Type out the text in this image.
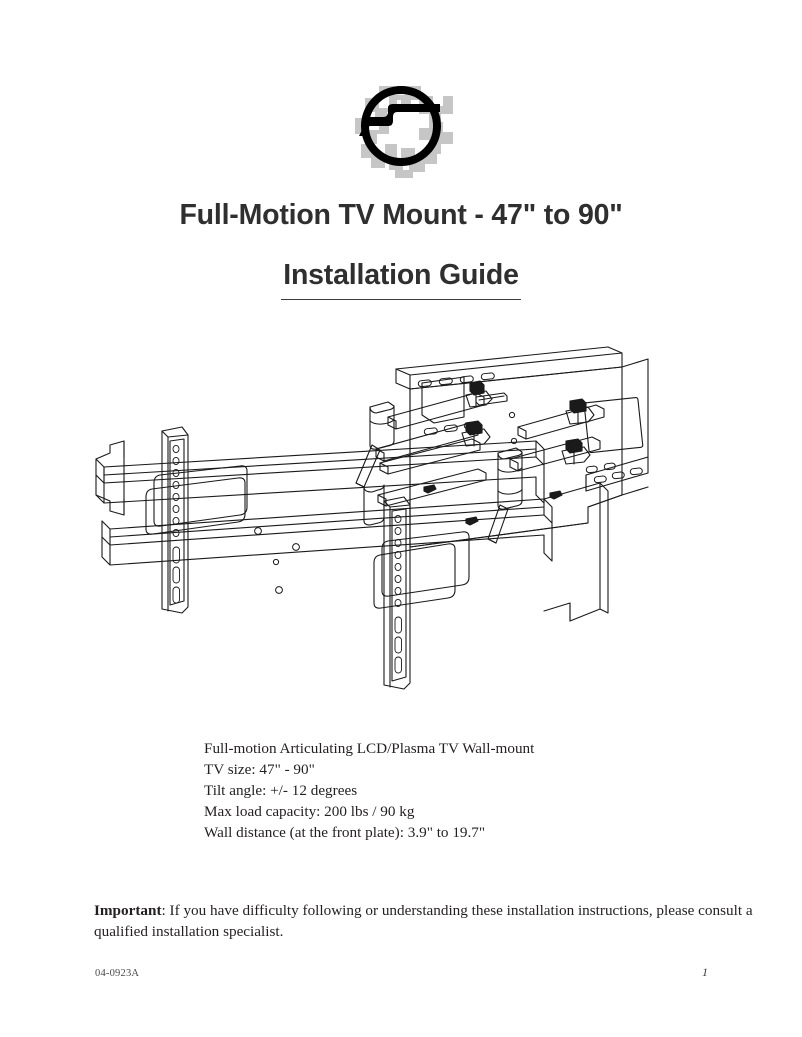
Full-Motion TV Mount - 47" to 90"
Installation Guide
Full-motion Articulating LCD/Plasma TV Wall-mount
TV size: 47" - 90"
Tilt angle: +/- 12 degrees
Max load capacity: 200 lbs / 90 kg
Wall distance (at the front plate): 3.9" to 19.7"
Important: If you have difficulty following or understanding these installation instructions, please consult a qualified installation specialist.
04-0923A	1
